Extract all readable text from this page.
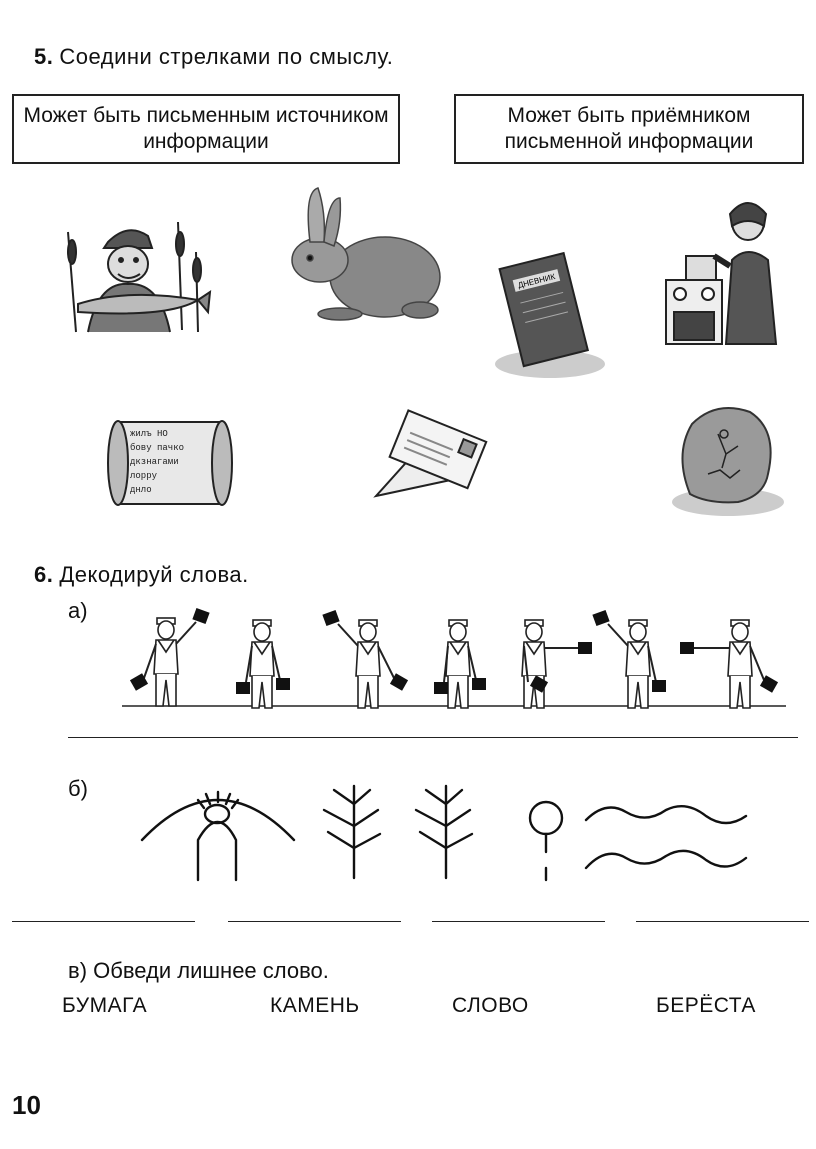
5. Соедини стрелками по смыслу.
Может быть письменным источником информации
Может быть приёмником письменной информации
ДНЕВНИК
жилъ НО
бову пачко
дкзнагами
лорру
днло
6. Декодируй слова.
а)
б)
в) Обведи лишнее слово.
БУМАГА	КАМЕНЬ	СЛОВО	БЕРЁСТА
10
